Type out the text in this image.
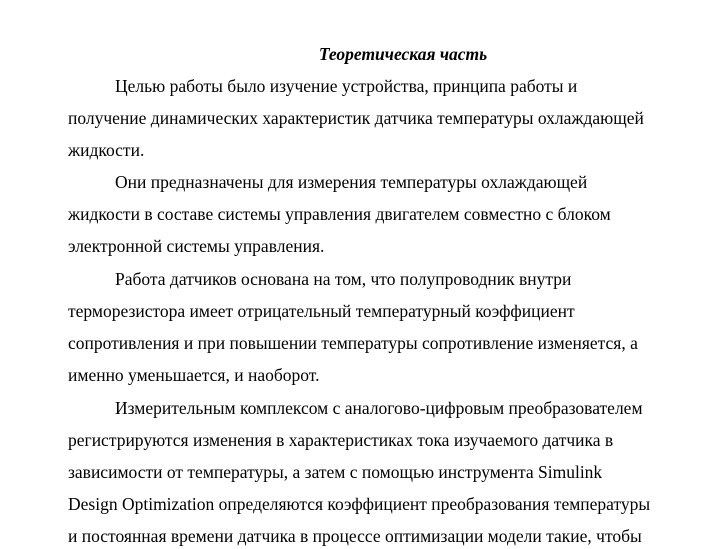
Теоретическая часть
Целью работы было изучение устройства, принципа работы и
получение динамических характеристик датчика температуры охлаждающей
жидкости.
Они предназначены для измерения температуры охлаждающей
жидкости в составе системы управления двигателем совместно с блоком
электронной системы управления.
Работа датчиков основана на том, что полупроводник внутри
терморезистора имеет отрицательный температурный коэффициент
сопротивления и при повышении температуры сопротивление изменяется, а
именно уменьшается, и наоборот.
Измерительным комплексом с аналогово-цифровым преобразователем
регистрируются изменения в характеристиках тока изучаемого датчика в
зависимости от температуры, а затем с помощью инструмента Simulink
Design Optimization определяются коэффициент преобразования температуры
и постоянная времени датчика в процессе оптимизации модели такие, чтобы
